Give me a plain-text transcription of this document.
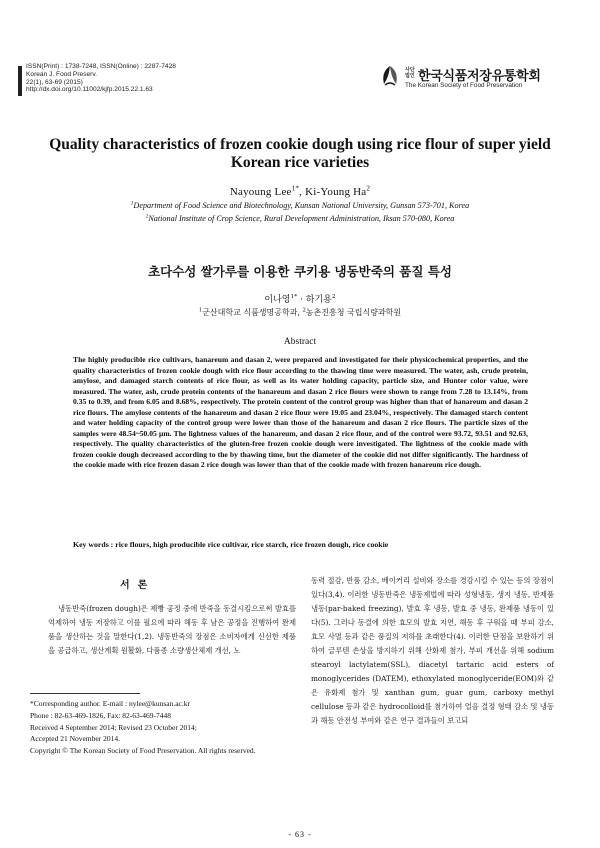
ISSN(Print) : 1738-7248, ISSN(Online) : 2287-7428
Korean J. Food Preserv.
22(1), 63-69 (2015)
http://dx.doi.org/10.11002/kjfp.2015.22.1.63
사단
법인 한국식품저장유통학회
The Korean Society of Food Preservation
Quality characteristics of frozen cookie dough using rice flour of super yield Korean rice varieties
Nayoung Lee$^{1*}$, Ki-Young Ha$^2$
$^1$Department of Food Science and Biotechnology, Kunsan National University, Gunsan 573-701, Korea
$^2$National Institute of Crop Science, Rural Development Administration, Iksan 570-080, Korea
초다수성 쌀가루를 이용한 쿠키용 냉동반죽의 품질 특성
이나영$^{1*}$ · 하기용$^2$
$^1$군산대학교 식품생명공학과, $^2$농촌진흥청 국립식량과학원
Abstract
The highly producible rice cultivars, hanareum and dasan 2, were prepared and investigated for their physicochemical properties, and the quality characteristics of frozen cookie dough with rice flour according to the thawing time were measured. The water, ash, crude protein, amylose, and damaged starch contents of rice flour, as well as its water holding capacity, particle size, and Hunter color value, were measured. The water, ash, crude protein contents of the hanareum and dasan 2 rice flours were shown to range from 7.28 to 13.14%, from 0.35 to 0.39, and from 6.05 and 8.68%, respectively. The protein content of the control group was higher than that of hanareum and dasan 2 rice flours. The amylose contents of the hanareum and dasan 2 rice flour were 19.05 and 23.04%, respectively. The damaged starch content and water holding capacity of the control group were lower than those of the hanareum and dasan 2 rice flours. The particle sizes of the samples were 48.54~50.05 μm. The lightness values of the hanareum, and dasan 2 rice flour, and of the control were 93.72, 93.51 and 92.63, respectively. The quality characteristics of the gluten-free frozen cookie dough were investigated. The lightness of the cookie made with frozen cookie dough decreased according to the by thawing time, but the diameter of the cookie did not differ significantly. The hardness of the cookie made with rice frozen dasan 2 rice dough was lower than that of the cookie made with frozen hanareum rice dough.
Key words : rice flours, high producible rice cultivar, rice starch, rice frozen dough, rice cookie
서론

냉동반죽(frozen dough)은 제빵 공정 중에 반죽을 동결시킴으로써 발효를 억제하여 냉동 저장하고 이를 필요에 따라 해동 후 남은 공정을 진행하여 완제품을 생산하는 것을 말한다(1,2). 냉동반죽의 장점은 소비자에게 신선한 제품을 공급하고, 생산계획 원활화, 다품종 소량생산체제 개선, 노

동력 절감, 반품 감소, 베이커리 설비와 장소를 경감시킬 수 있는 등의 장점이 있다(3,4). 이러한 냉동반죽은 냉동제법에 따라 성형냉동, 생지 냉동, 반제품 냉동(par-baked freezing), 발효 후 냉동, 발효 중 냉동, 완제품 냉동이 있다(5). 그러나 동결에 의한 효모의 발효 지연, 해동 후 구워을 때 부피 감소, 효모 사멸 등과 같은 품질의 저하를 초래한다(4). 이러한 단점을 보완하기 위하여 글루텐 손상을 방지하기 위해 산화제 첨가, 부피 개선을 위해 sodium stearoyl lactylatem(SSL), diacetyl tartaric acid esters of monoglycerides (DATEM), ethoxylated monoglyceride(EOM)와 같은 유화제 첨가 및 xanthan gum, guar gum, carboxy methyl cellulose 등과 같은 hydrocolloid를 첨가하여 얼음 결정 형태 감소 및 냉동과 해동 안전성 부여와 같은 연구 결과들이 보고되

*Corresponding author. E-mail : nylee@kunsan.ac.kr
Phone : 82-63-469-1826, Fax: 82-63-469-7448
Received 4 September 2014; Revised 23 October 2014;
Accepted 21 November 2014.
Copyright © The Korean Society of Food Preservation. All rights reserved.
- 63 -
